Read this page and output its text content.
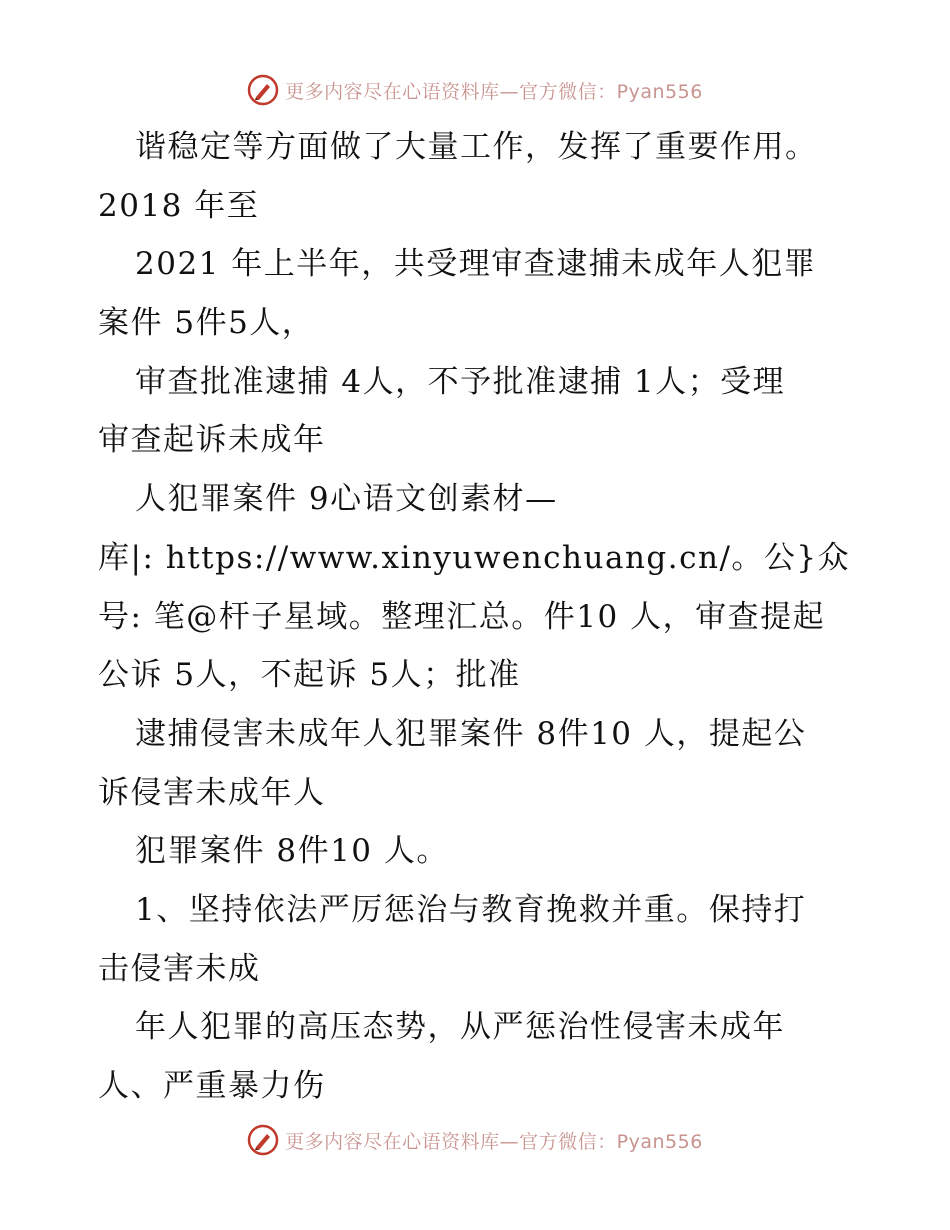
更多内容尽在心语资料库—官方微信：Pyan556
谐稳定等方面做了大量工作，发挥了重要作用。
2018 年至
2021 年上半年，共受理审查逮捕未成年人犯罪
案件 5件5人，
审查批准逮捕 4人，不予批准逮捕 1人；受理
审查起诉未成年
人犯罪案件 9心语文创素材—
库|: https://www.xinyuwenchuang.cn/。公}众
号: 笔@杆子星域。整理汇总。件10 人，审查提起
公诉 5人，不起诉 5人；批准
逮捕侵害未成年人犯罪案件 8件10 人，提起公
诉侵害未成年人
犯罪案件 8件10 人。
1、坚持依法严厉惩治与教育挽救并重。保持打
击侵害未成
年人犯罪的高压态势，从严惩治性侵害未成年
人、严重暴力伤
更多内容尽在心语资料库—官方微信：Pyan556
